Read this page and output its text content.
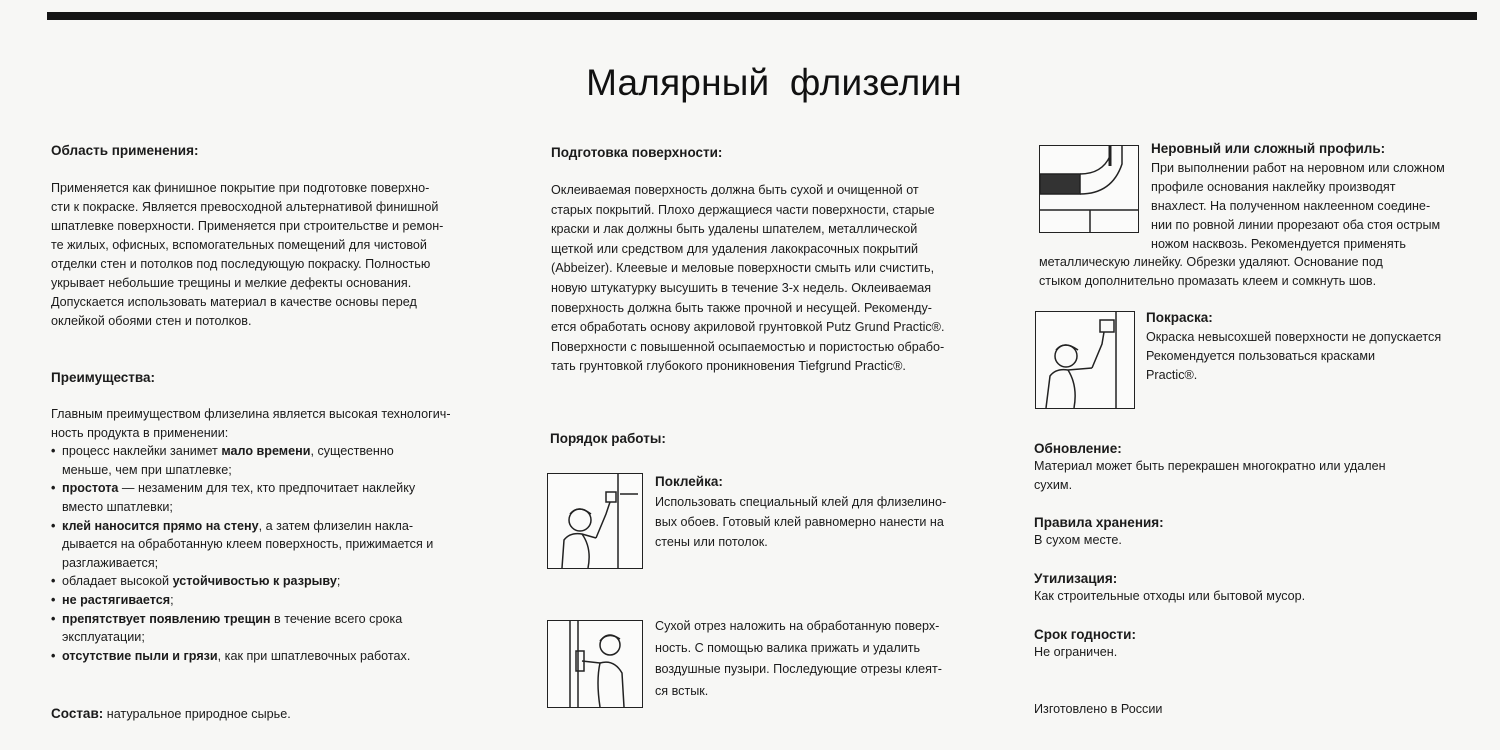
Малярный флизелин

Область применения:

Применяется как финишное покрытие при подготовке поверхно-
сти к покраске. Является превосходной альтернативой финишной
шпатлевке поверхности. Применяется при строительстве и ремон-
те жилых, офисных, вспомогательных помещений для чистовой
отделки стен и потолков под последующую покраску. Полностью
укрывает небольшие трещины и мелкие дефекты основания.
Допускается использовать материал в качестве основы перед
оклейкой обоями стен и потолков.

Преимущества:

Главным преимуществом флизелина является высокая технологич-
ность продукта в применении:

• процесс наклейки занимет мало времени, существенно
меньше, чем при шпатлевке;
• простота — незаменим для тех, кто предпочитает наклейку
вместо шпатлевки;
• клей наносится прямо на стену, а затем флизелин накла-
дывается на обработанную клеем поверхность, прижимается и
разглаживается;
• обладает высокой устойчивостью к разрыву;
• не растягивается;
• препятствует появлению трещин в течение всего срока
эксплуатации;
• отсутствие пыли и грязи, как при шпатлевочных работах.
Состав: натуральное природное сырье.

Подготовка поверхности:

Оклеиваемая поверхность должна быть сухой и очищенной от
старых покрытий. Плохо держащиеся части поверхности, старые
краски и лак должны быть удалены шпателем, металлической
щеткой или средством для удаления лакокрасочных покрытий
(Abbeizer). Клеевые и меловые поверхности смыть или счистить,
новую штукатурку высушить в течение 3-х недель. Оклеиваемая
поверхность должна быть также прочной и несущей. Рекоменду-
ется обработать основу акриловой грунтовкой Putz Grund Practic®.
Поверхности с повышенной осыпаемостью и пористостью обрабо-
тать грунтовкой глубокого проникновения Tiefgrund Practic®.

Порядок работы:

Поклейка:

Использовать специальный клей для флизелино-
вых обоев. Готовый клей равномерно нанести на
стены или потолок.

Сухой отрез наложить на обработанную поверх-
ность. С помощью валика прижать и удалить
воздушные пузыри. Последующие отрезы клеят-
ся встык.

Неровный или сложный профиль:

При выполнении работ на неровном или сложном
профиле основания наклейку производят
внахлест. На полученном наклеенном соедине-
нии по ровной линии прорезают оба стоя острым
ножом насквозь. Рекомендуется применять

металлическую линейку. Обрезки удаляют. Основание под
стыком дополнительно промазать клеем и сомкнуть шов.

Покраска:

Окраска невысохшей поверхности не допускается
Рекомендуется пользоваться красками
Practic®.

Обновление:

Материал может быть перекрашен многократно или удален
сухим.

Правила хранения:

В сухом месте.

Утилизация:

Как строительные отходы или бытовой мусор.

Срок годности:

Не ограничен.

Изготовлено в России
